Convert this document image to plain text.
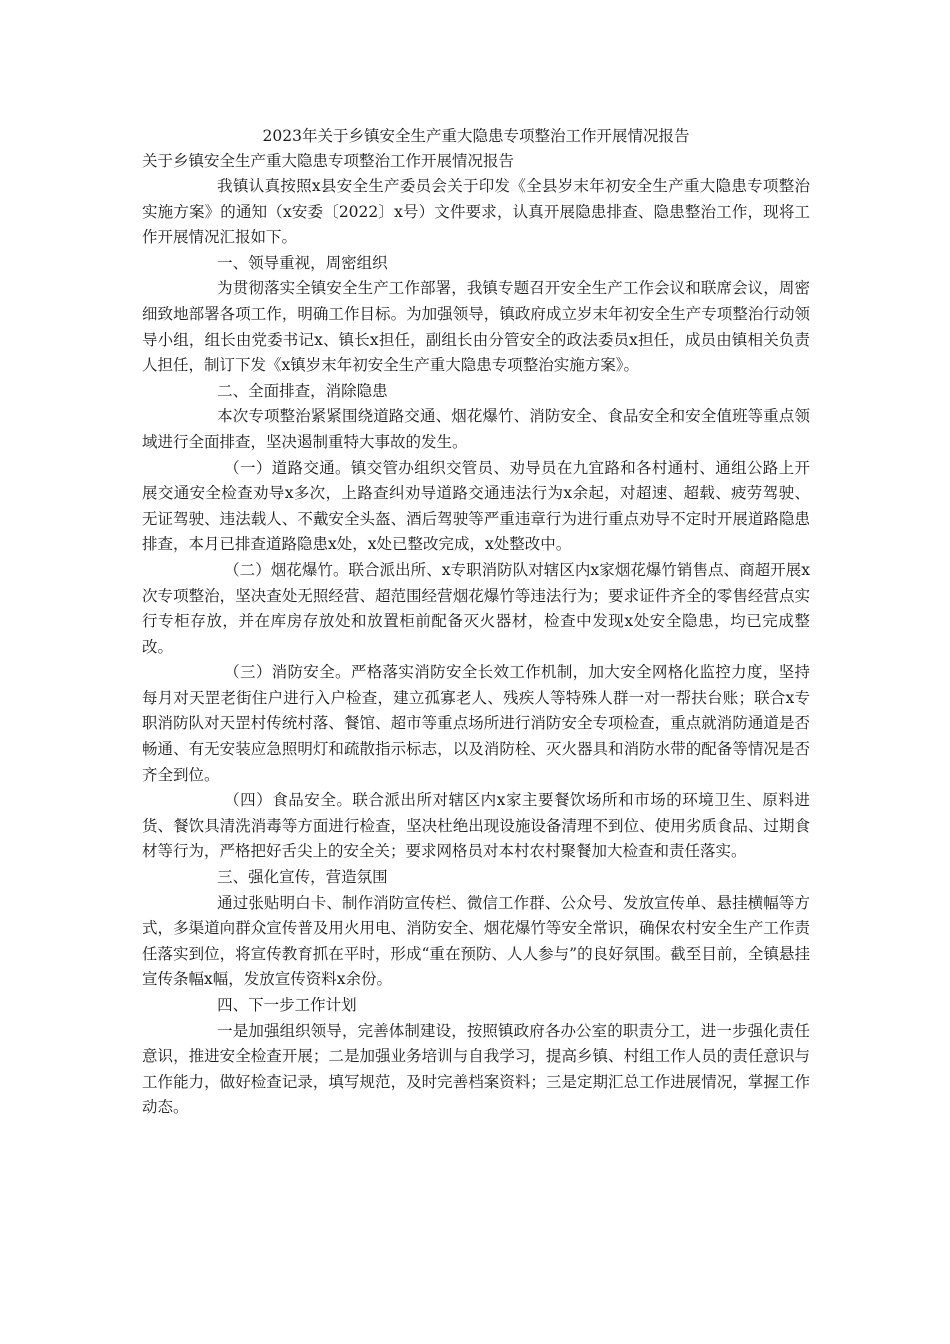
2023年关于乡镇安全生产重大隐患专项整治工作开展情况报告

关于乡镇安全生产重大隐患专项整治工作开展情况报告

我镇认真按照x县安全生产委员会关于印发《全县岁末年初安全生产重大隐患专项整治实施方案》的通知（x安委〔2022〕x号）文件要求，认真开展隐患排查、隐患整治工作，现将工作开展情况汇报如下。

一、领导重视，周密组织

为贯彻落实全镇安全生产工作部署，我镇专题召开安全生产工作会议和联席会议，周密细致地部署各项工作，明确工作目标。为加强领导，镇政府成立岁末年初安全生产专项整治行动领导小组，组长由党委书记x、镇长x担任，副组长由分管安全的政法委员x担任，成员由镇相关负责人担任，制订下发《x镇岁末年初安全生产重大隐患专项整治实施方案》。

二、全面排查，消除隐患

本次专项整治紧紧围绕道路交通、烟花爆竹、消防安全、食品安全和安全值班等重点领域进行全面排查，坚决遏制重特大事故的发生。

（一）道路交通。镇交管办组织交管员、劝导员在九宜路和各村通村、通组公路上开展交通安全检查劝导x多次，上路查纠劝导道路交通违法行为x余起，对超速、超载、疲劳驾驶、无证驾驶、违法载人、不戴安全头盔、酒后驾驶等严重违章行为进行重点劝导不定时开展道路隐患排查，本月已排查道路隐患x处，x处已整改完成，x处整改中。

（二）烟花爆竹。联合派出所、x专职消防队对辖区内x家烟花爆竹销售点、商超开展x次专项整治，坚决查处无照经营、超范围经营烟花爆竹等违法行为；要求证件齐全的零售经营点实行专柜存放，并在库房存放处和放置柜前配备灭火器材，检查中发现x处安全隐患，均已完成整改。

（三）消防安全。严格落实消防安全长效工作机制，加大安全网格化监控力度，坚持每月对天罡老街住户进行入户检查，建立孤寡老人、残疾人等特殊人群一对一帮扶台账；联合x专职消防队对天罡村传统村落、餐馆、超市等重点场所进行消防安全专项检查，重点就消防通道是否畅通、有无安装应急照明灯和疏散指示标志，以及消防栓、灭火器具和消防水带的配备等情况是否齐全到位。

（四）食品安全。联合派出所对辖区内x家主要餐饮场所和市场的环境卫生、原料进货、餐饮具清洗消毒等方面进行检查，坚决杜绝出现设施设备清理不到位、使用劣质食品、过期食材等行为，严格把好舌尖上的安全关；要求网格员对本村农村聚餐加大检查和责任落实。

三、强化宣传，营造氛围

通过张贴明白卡、制作消防宣传栏、微信工作群、公众号、发放宣传单、悬挂横幅等方式，多渠道向群众宣传普及用火用电、消防安全、烟花爆竹等安全常识，确保农村安全生产工作责任落实到位，将宣传教育抓在平时，形成“重在预防、人人参与”的良好氛围。截至目前，全镇悬挂宣传条幅x幅，发放宣传资料x余份。

四、下一步工作计划

一是加强组织领导，完善体制建设，按照镇政府各办公室的职责分工，进一步强化责任意识，推进安全检查开展；二是加强业务培训与自我学习，提高乡镇、村组工作人员的责任意识与工作能力，做好检查记录，填写规范，及时完善档案资料；三是定期汇总工作进展情况，掌握工作动态。
